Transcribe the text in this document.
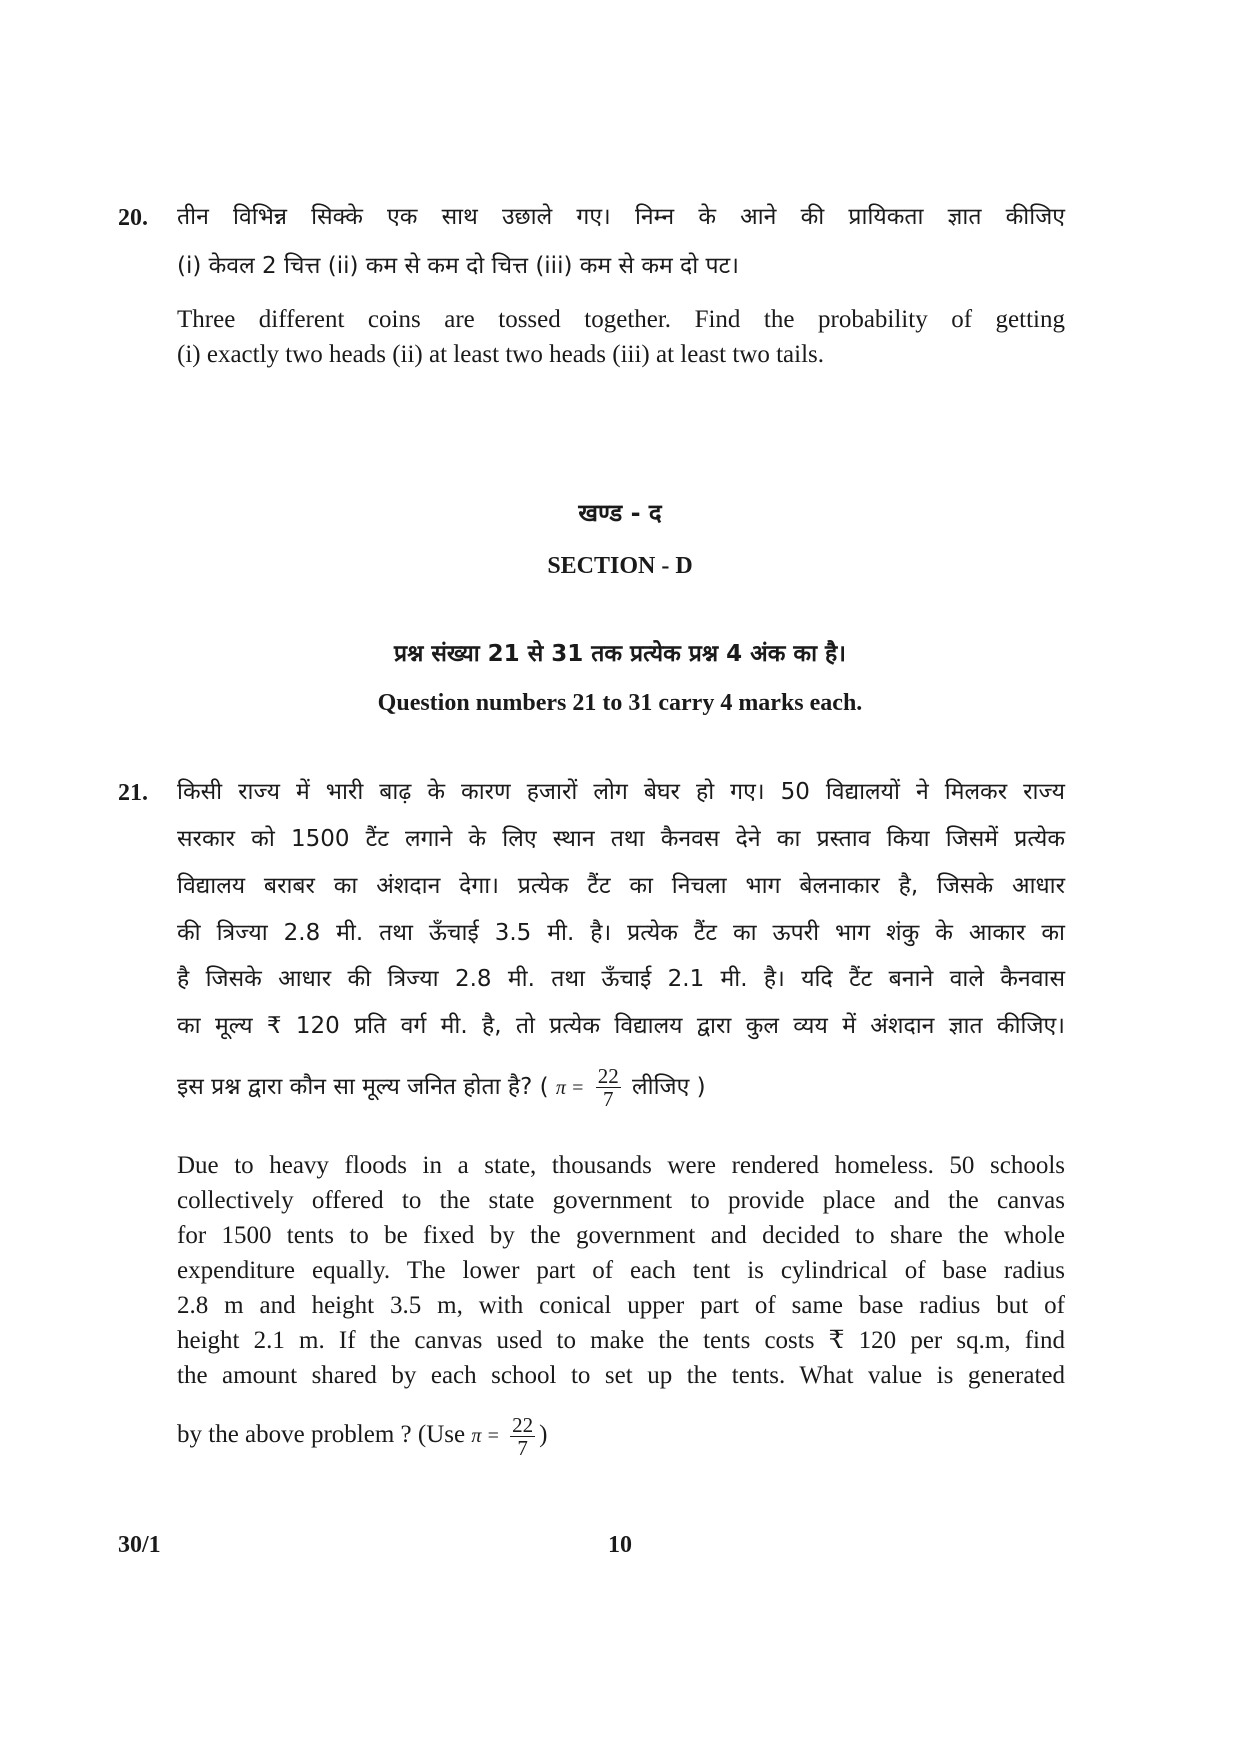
20. तीन विभिन्न सिक्के एक साथ उछाले गए। निम्न के आने की प्रायिकता ज्ञात कीजिए
(i) केवल 2 चित्त (ii) कम से कम दो चित्त (iii) कम से कम दो पट।
Three different coins are tossed together. Find the probability of getting
(i) exactly two heads (ii) at least two heads (iii) at least two tails.
खण्ड - द
SECTION - D
प्रश्न संख्या 21 से 31 तक प्रत्येक प्रश्न 4 अंक का है।
Question numbers 21 to 31 carry 4 marks each.
21. किसी राज्य में भारी बाढ़ के कारण हजारों लोग बेघर हो गए। 50 विद्यालयों ने मिलकर राज्य
सरकार को 1500 टैंट लगाने के लिए स्थान तथा कैनवस देने का प्रस्ताव किया जिसमें प्रत्येक
विद्यालय बराबर का अंशदान देगा। प्रत्येक टैंट का निचला भाग बेलनाकार है, जिसके आधार
की त्रिज्या 2.8 मी. तथा ऊँचाई 3.5 मी. है। प्रत्येक टैंट का ऊपरी भाग शंकु के आकार का
है जिसके आधार की त्रिज्या 2.8 मी. तथा ऊँचाई 2.1 मी. है। यदि टैंट बनाने वाले कैनवास
का मूल्य ₹ 120 प्रति वर्ग मी. है, तो प्रत्येक विद्यालय द्वारा कुल व्यय में अंशदान ज्ञात कीजिए।
इस प्रश्न द्वारा कौन सा मूल्य जनित होता है? ( $\pi = \frac{22}{7}$ लीजिए )
Due to heavy floods in a state, thousands were rendered homeless. 50 schools
collectively offered to the state government to provide place and the canvas
for 1500 tents to be fixed by the government and decided to share the whole
expenditure equally. The lower part of each tent is cylindrical of base radius
2.8 m and height 3.5 m, with conical upper part of same base radius but of
height 2.1 m. If the canvas used to make the tents costs ₹ 120 per sq.m, find
the amount shared by each school to set up the tents. What value is generated
by the above problem ? (Use $\pi = \frac{22}{7}$ )
30/1	10
